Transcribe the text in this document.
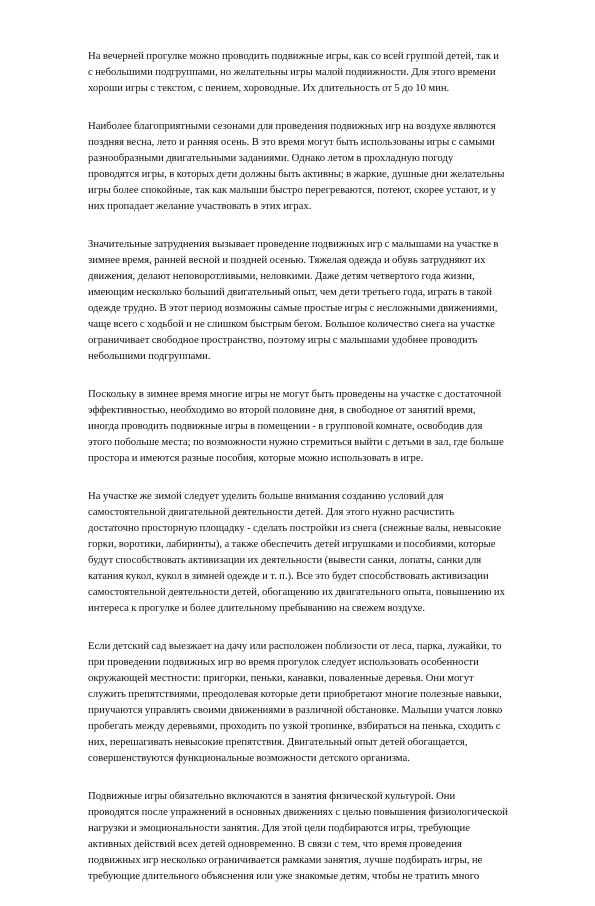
На вечерней прогулке можно проводить подвижные игры, как со всей группой детей, так и
с небольшими подгруппами, но желательны игры малой подвижности. Для этого времени
хороши игры с текстом, с пением, хороводные. Их длительность от 5 до 10 мин.

Наиболее благоприятными сезонами для проведения подвижных игр на воздухе являются
поздняя весна, лето и ранняя осень. В это время могут быть использованы игры с самыми
разнообразными двигательными заданиями. Однако летом в прохладную погоду
проводятся игры, в которых дети должны быть активны; в жаркие, душные дни желательны
игры более спокойные, так как малыши быстро перегреваются, потеют, скорее устают, и у
них пропадает желание участвовать в этих играх.

Значительные затруднения вызывает проведение подвижных игр с малышами на участке в
зимнее время, ранней весной и поздней осенью. Тяжелая одежда и обувь затрудняют их
движения, делают неповоротливыми, неловкими. Даже детям четвертого года жизни,
имеющим несколько больший двигательный опыт, чем дети третьего года, играть в такой
одежде трудно. В этот период возможны самые простые игры с несложными движениями,
чаще всего с ходьбой и не слишком быстрым бегом. Большое количество снега на участке
ограничивает свободное пространство, поэтому игры с малышами удобнее проводить
небольшими подгруппами.

Поскольку в зимнее время многие игры не могут быть проведены на участке с достаточной
эффективностью, необходимо во второй половине дня, в свободное от занятий время,
иногда проводить подвижные игры в помещении - в групповой комнате, освободив для
этого побольше места; по возможности нужно стремиться выйти с детьми в зал, где больше
простора и имеются разные пособия, которые можно использовать в игре.

На участке же зимой следует уделить больше внимания созданию условий для
самостоятельной двигательной деятельности детей. Для этого нужно расчистить
достаточно просторную площадку - сделать постройки из снега (снежные валы, невысокие
горки, воротики, лабиринты), а также обеспечить детей игрушками и пособиями, которые
будут способствовать активизации их деятельности (вывести санки, лопаты, санки для
катания кукол, кукол в зимней одежде и т. п.). Все это будет способствовать активизации
самостоятельной деятельности детей, обогащению их двигательного опыта, повышению их
интереса к прогулке и более длительному пребыванию на свежем воздухе.

Если детский сад выезжает на дачу или расположен поблизости от леса, парка, лужайки, то
при проведении подвижных игр во время прогулок следует использовать особенности
окружающей местности: пригорки, пеньки, канавки, поваленные деревья. Они могут
служить препятствиями, преодолевая которые дети приобретают многие полезные навыки,
приучаются управлять своими движениями в различной обстановке. Малыши учатся ловко
пробегать между деревьями, проходить по узкой тропинке, взбираться на пенька, сходить с
них, перешагивать невысокие препятствия. Двигательный опыт детей обогащается,
совершенствуются функциональные возможности детского организма.

Подвижные игры обязательно включаются в занятия физической культурой. Они
проводятся после упражнений в основных движениях с целью повышения физиологической
нагрузки и эмоциональности занятия. Для этой цели подбираются игры, требующие
активных действий всех детей одновременно. В связи с тем, что время проведения
подвижных игр несколько ограничивается рамками занятия, лучше подбирать игры, не
требующие длительного объяснения или уже знакомые детям, чтобы не тратить много
